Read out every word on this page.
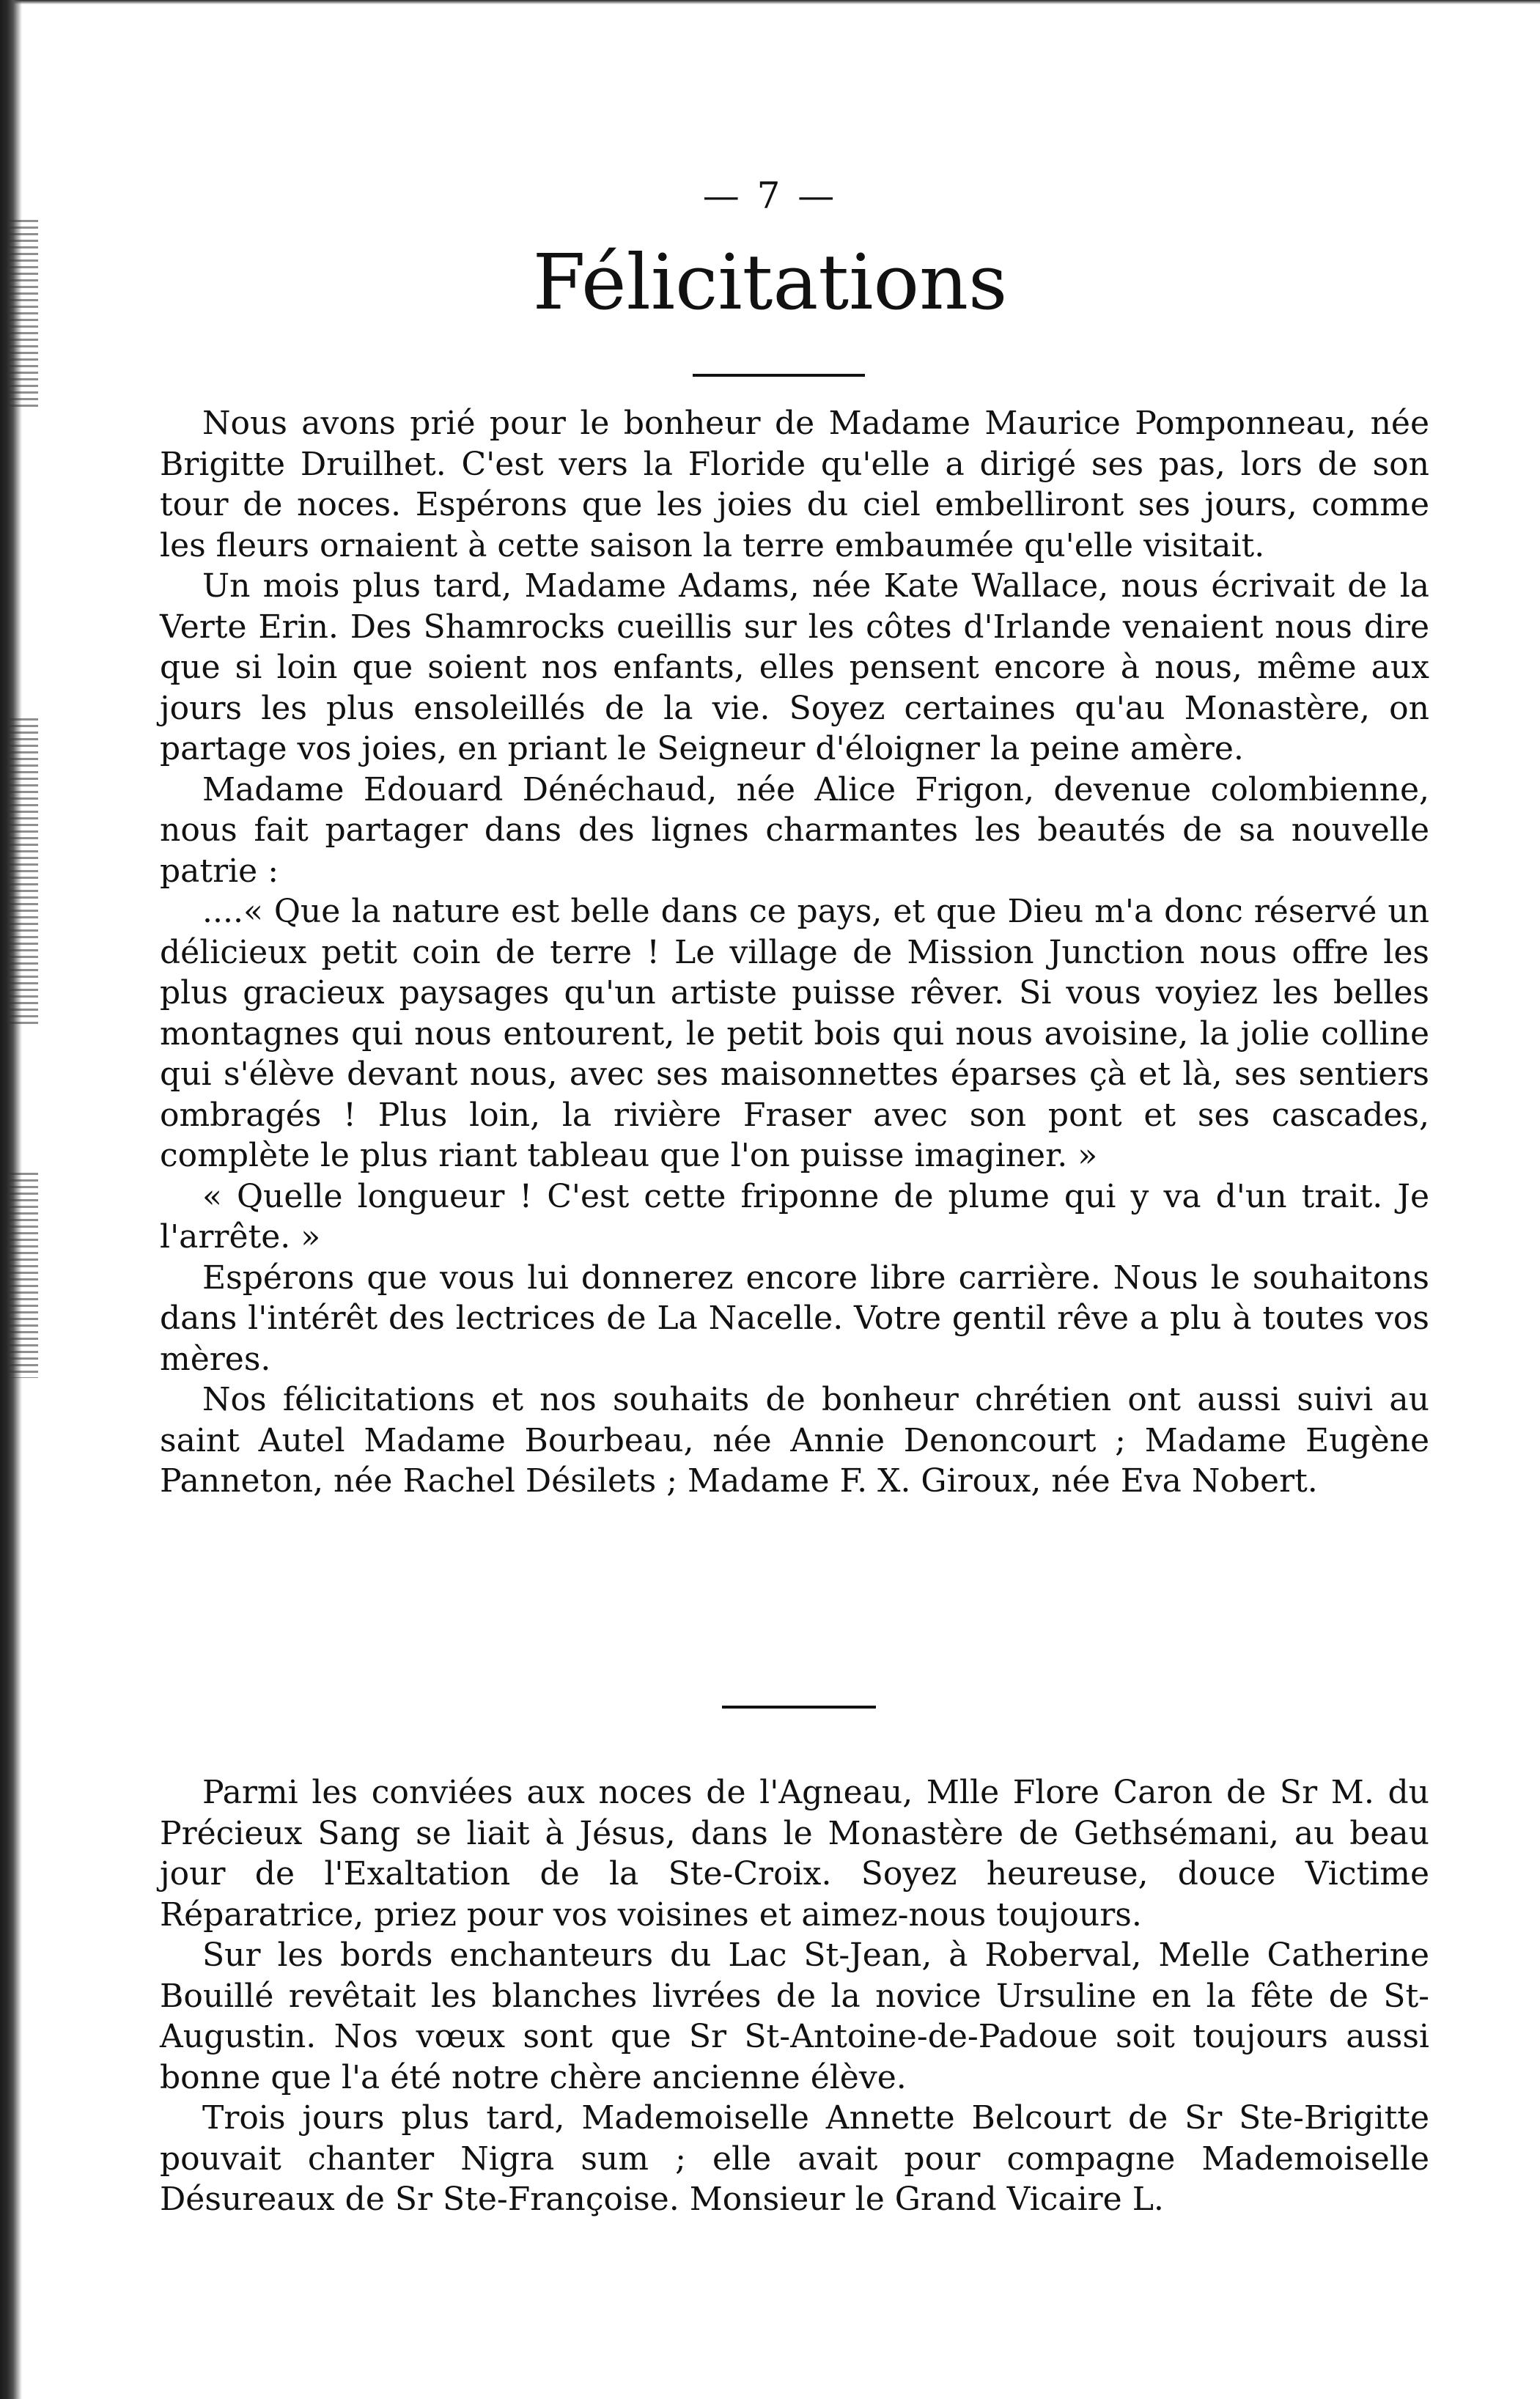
— 7 —
Félicitations

Nous avons prié pour le bonheur de Madame Maurice Pomponneau, née Brigitte Druilhet. C'est vers la Floride qu'elle a dirigé ses pas, lors de son tour de noces. Espérons que les joies du ciel embelliront ses jours, comme les fleurs ornaient à cette saison la terre embaumée qu'elle visitait.

Un mois plus tard, Madame Adams, née Kate Wallace, nous écrivait de la Verte Erin. Des Shamrocks cueillis sur les côtes d'Irlande venaient nous dire que si loin que soient nos enfants, elles pensent encore à nous, même aux jours les plus ensoleillés de la vie. Soyez certaines qu'au Monastère, on partage vos joies, en priant le Seigneur d'éloigner la peine amère.

Madame Edouard Dénéchaud, née Alice Frigon, devenue colombienne, nous fait partager dans des lignes charmantes les beautés de sa nouvelle patrie :

....« Que la nature est belle dans ce pays, et que Dieu m'a donc réservé un délicieux petit coin de terre ! Le village de Mission Junction nous offre les plus gracieux paysages qu'un artiste puisse rêver. Si vous voyiez les belles montagnes qui nous entourent, le petit bois qui nous avoisine, la jolie colline qui s'élève devant nous, avec ses maisonnettes éparses çà et là, ses sentiers ombragés ! Plus loin, la rivière Fraser avec son pont et ses cascades, complète le plus riant tableau que l'on puisse imaginer. »

« Quelle longueur ! C'est cette friponne de plume qui y va d'un trait. Je l'arrête. »

Espérons que vous lui donnerez encore libre carrière. Nous le souhaitons dans l'intérêt des lectrices de La Nacelle. Votre gentil rêve a plu à toutes vos mères.

Nos félicitations et nos souhaits de bonheur chrétien ont aussi suivi au saint Autel Madame Bourbeau, née Annie Denoncourt ; Madame Eugène Panneton, née Rachel Désilets ; Madame F. X. Giroux, née Eva Nobert.

Parmi les conviées aux noces de l'Agneau, Mlle Flore Caron de Sr M. du Précieux Sang se liait à Jésus, dans le Monastère de Gethsémani, au beau jour de l'Exaltation de la Ste-Croix. Soyez heureuse, douce Victime Réparatrice, priez pour vos voisines et aimez-nous toujours.

Sur les bords enchanteurs du Lac St-Jean, à Roberval, Melle Catherine Bouillé revêtait les blanches livrées de la novice Ursuline en la fête de St-Augustin. Nos vœux sont que Sr St-Antoine-de-Padoue soit toujours aussi bonne que l'a été notre chère ancienne élève.

Trois jours plus tard, Mademoiselle Annette Belcourt de Sr Ste-Brigitte pouvait chanter Nigra sum ; elle avait pour compagne Mademoiselle Désureaux de Sr Ste-Françoise. Monsieur le Grand Vicaire L.
